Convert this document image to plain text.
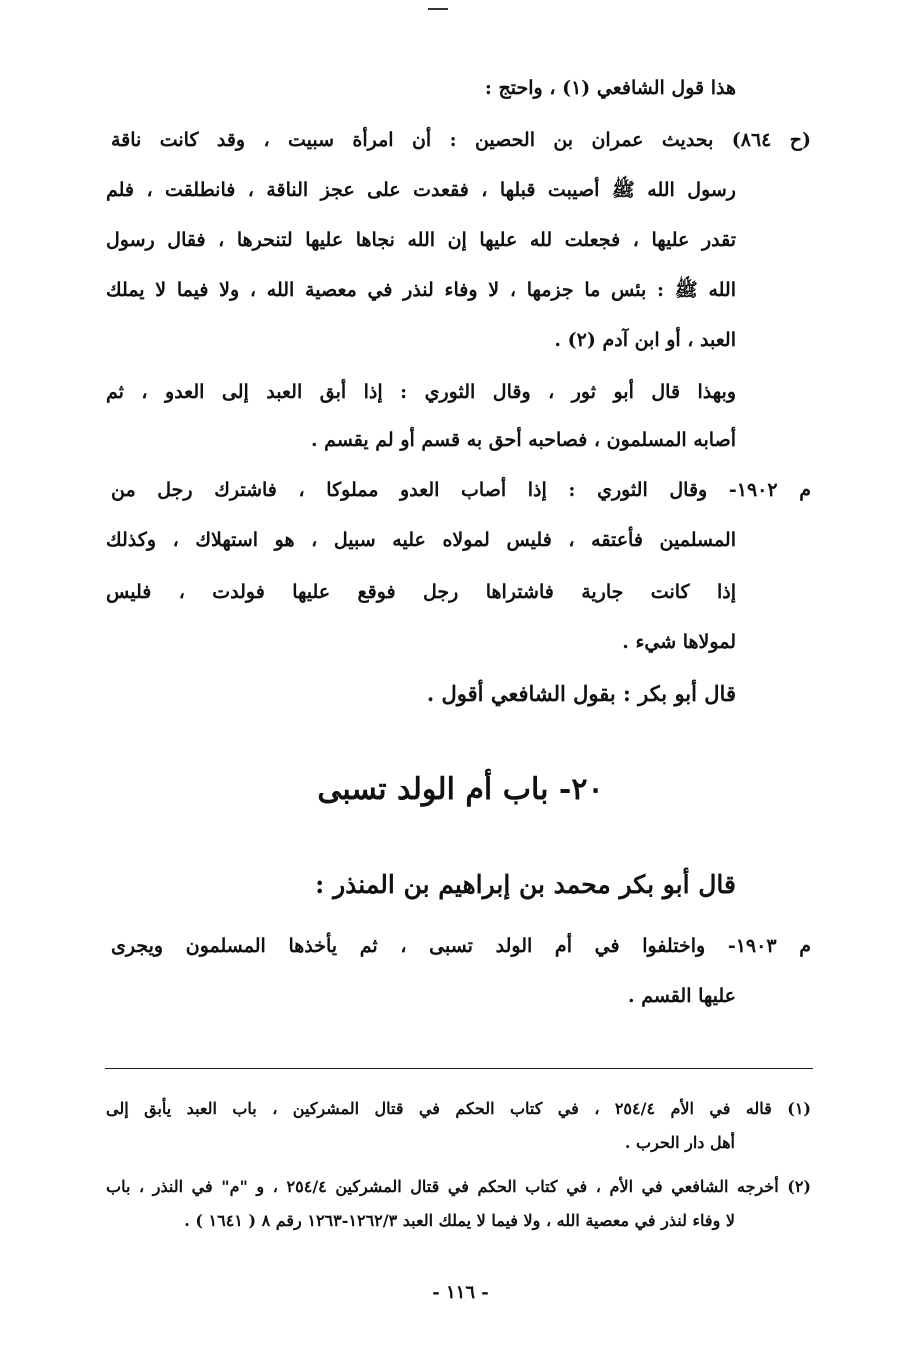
هذا قول الشافعي (١) ، واحتج :
(ح ٨٦٤) بحديث عمران بن الحصين : أن امرأة سبيت ، وقد كانت ناقة
رسول الله ﷺ أصيبت قبلها ، فقعدت على عجز الناقة ، فانطلقت ، فلم
تقدر عليها ، فجعلت لله عليها إن الله نجاها عليها لتنحرها ، فقال رسول
الله ﷺ : بئس ما جزمها ، لا وفاء لنذر في معصية الله ، ولا فيما لا يملك
العبد ، أو ابن آدم (٢) .
وبهذا قال أبو ثور ، وقال الثوري : إذا أبق العبد إلى العدو ، ثم
أصابه المسلمون ، فصاحبه أحق به قسم أو لم يقسم .
م ١٩٠٢- وقال الثوري : إذا أصاب العدو مملوكا ، فاشترك رجل من
المسلمين فأعتقه ، فليس لمولاه عليه سبيل ، هو استهلاك ، وكذلك
إذا كانت جارية فاشتراها رجل فوقع عليها فولدت ، فليس
لمولاها شيء .
قال أبو بكر : بقول الشافعي أقول .
٢٠- باب أم الولد تسبى
قال أبو بكر محمد بن إبراهيم بن المنذر :
م ١٩٠٣- واختلفوا في أم الولد تسبى ، ثم يأخذها المسلمون ويجرى
عليها القسم .
(١) قاله في الأم ٢٥٤/٤ ، في كتاب الحكم في قتال المشركين ، باب العبد يأبق إلى
أهل دار الحرب .
(٢) أخرجه الشافعي في الأم ، في كتاب الحكم في قتال المشركين ٢٥٤/٤ ، و "م" في النذر ، باب
لا وفاء لنذر في معصية الله ، ولا فيما لا يملك العبد ١٢٦٢/٣-١٢٦٣ رقم ٨ ( ١٦٤١ ) .
- ١١٦ -
